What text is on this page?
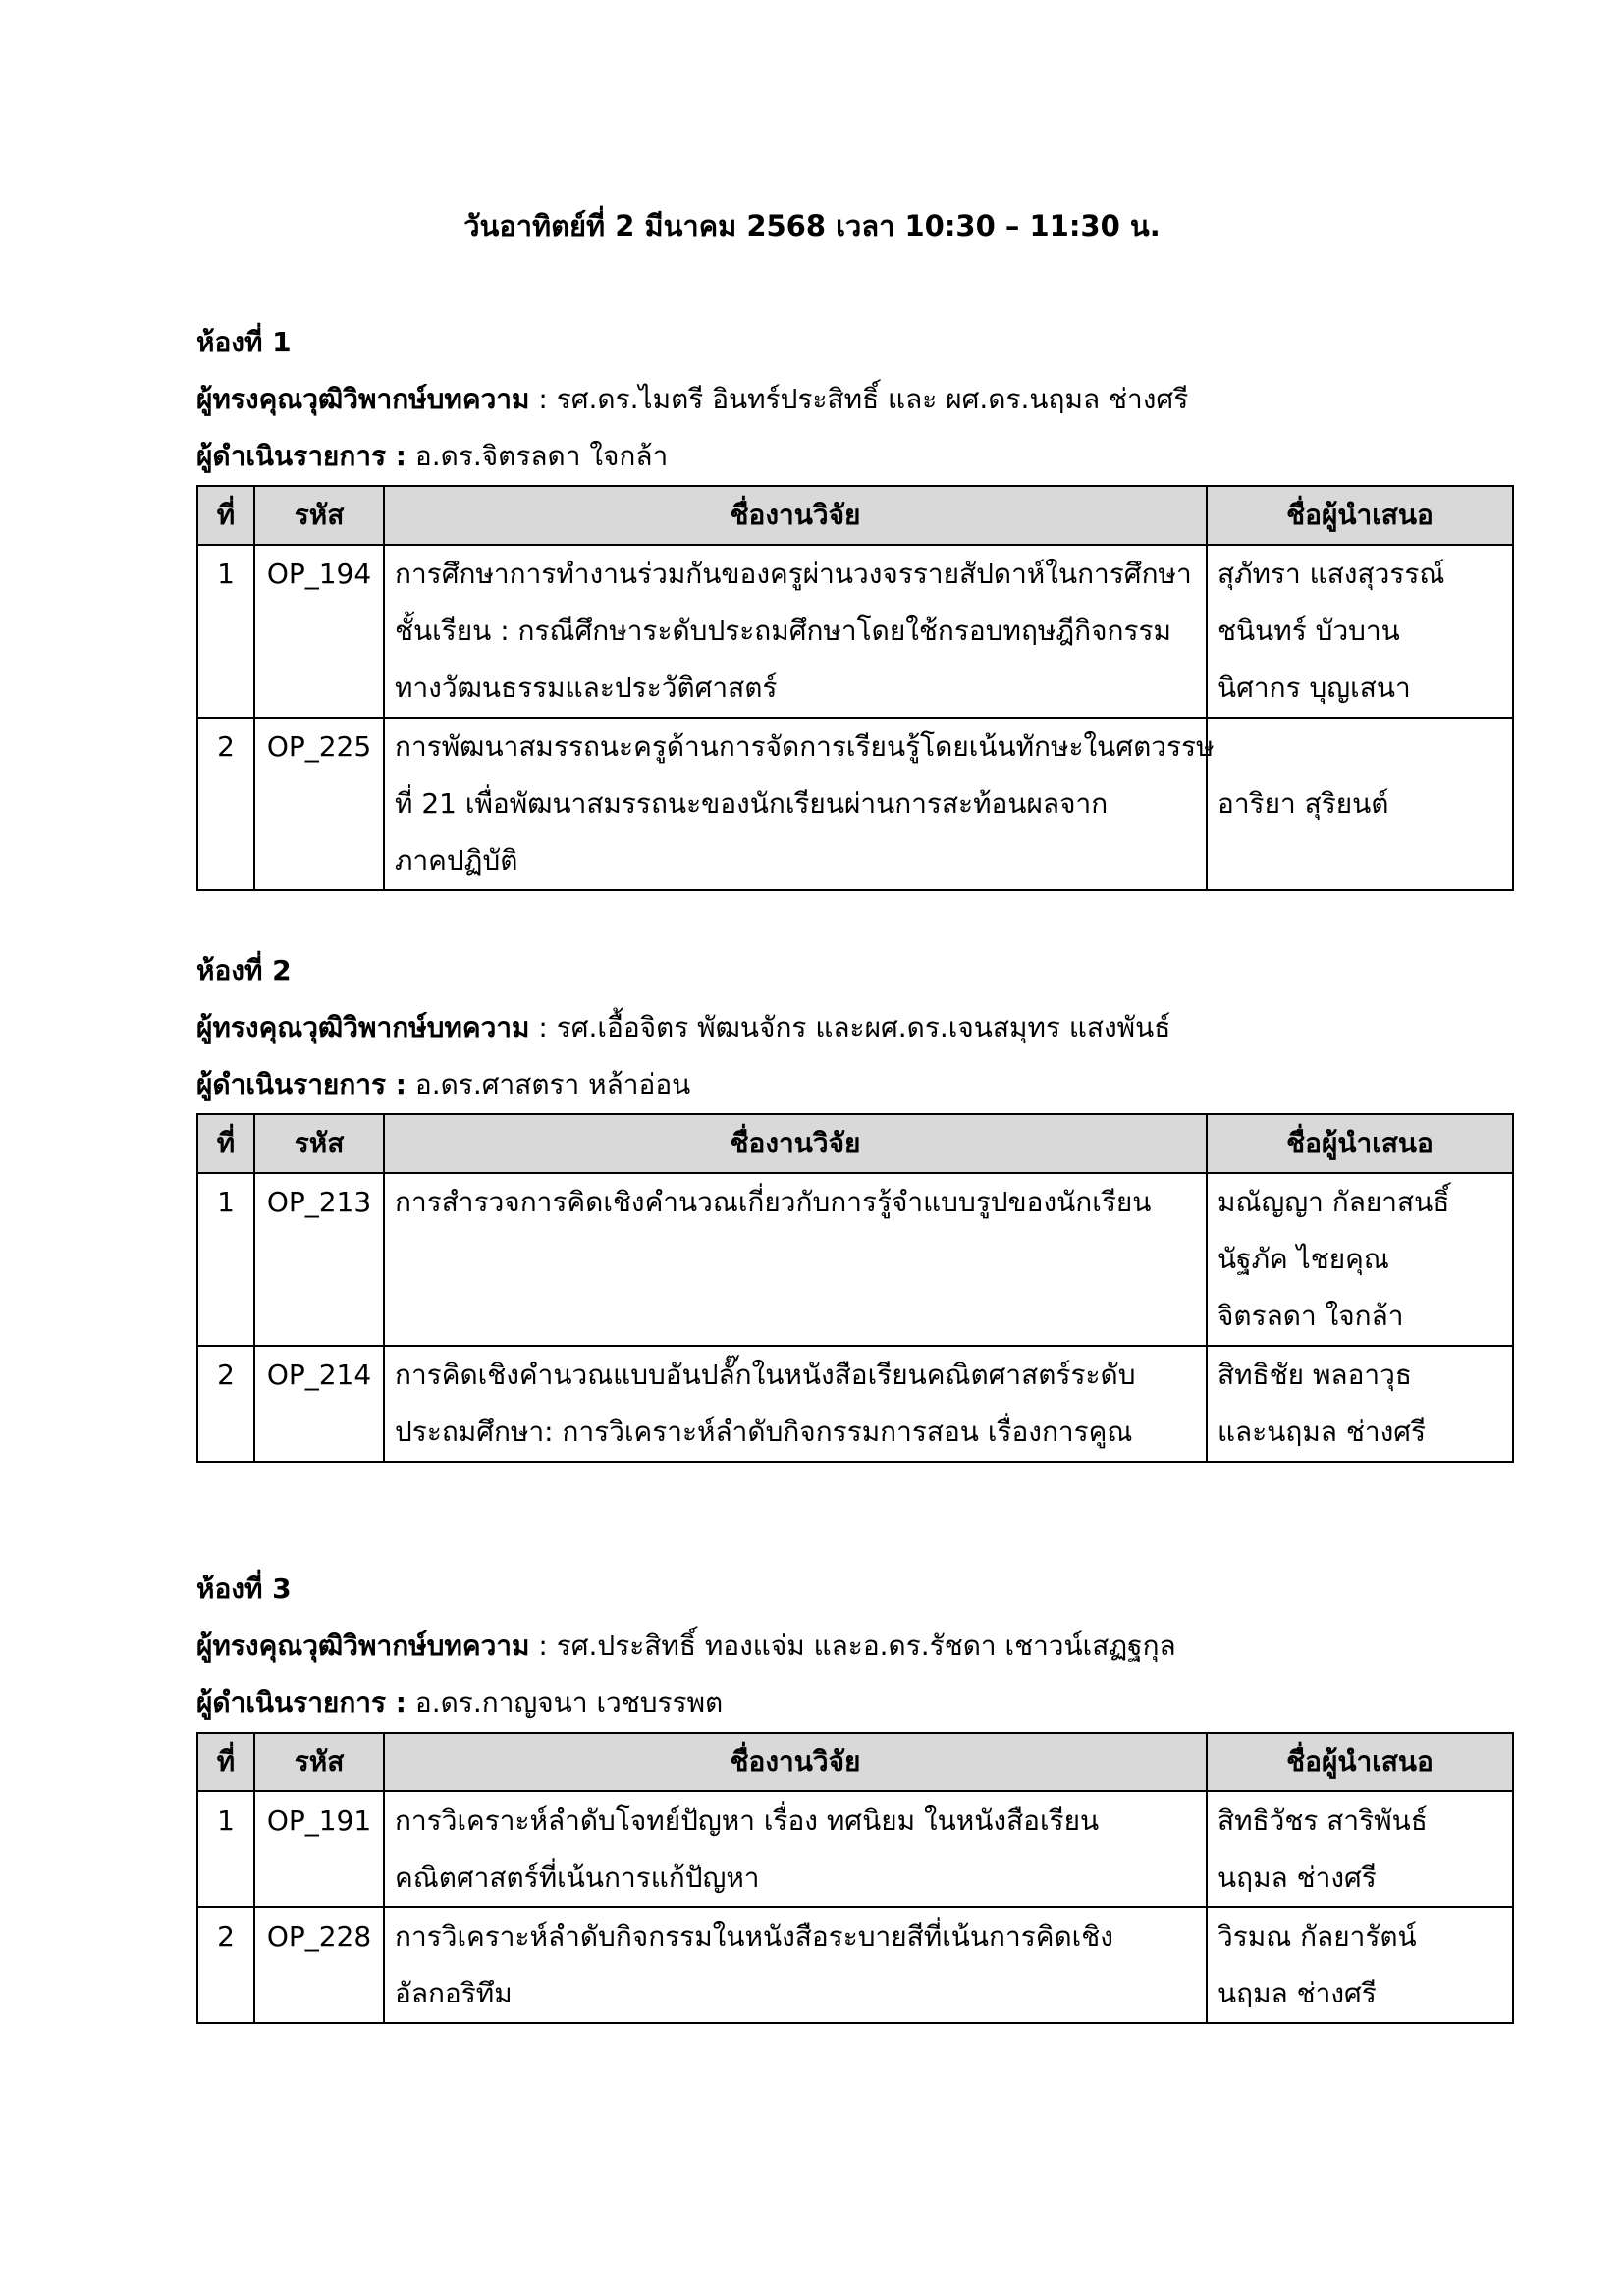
วันอาทิตย์ที่ 2 มีนาคม 2568 เวลา 10:30 – 11:30 น.
ห้องที่ 1
ผู้ทรงคุณวุฒิวิพากษ์บทความ : รศ.ดร.ไมตรี อินทร์ประสิทธิ์ และ ผศ.ดร.นฤมล ช่างศรี
ผู้ดำเนินรายการ : อ.ดร.จิตรลดา ใจกล้า
ที่	รหัส	ชื่องานวิจัย	ชื่อผู้นำเสนอ
1	OP_194	การศึกษาการทำงานร่วมกันของครูผ่านวงจรรายสัปดาห์ในการศึกษา
ชั้นเรียน : กรณีศึกษาระดับประถมศึกษาโดยใช้กรอบทฤษฎีกิจกรรม
ทางวัฒนธรรมและประวัติศาสตร์	สุภัทรา แสงสุวรรณ์
ชนินทร์ บัวบาน
นิศากร บุญเสนา

2	OP_225	การพัฒนาสมรรถนะครูด้านการจัดการเรียนรู้โดยเน้นทักษะในศตวรรษ
ที่ 21 เพื่อพัฒนาสมรรถนะของนักเรียนผ่านการสะท้อนผลจาก
ภาคปฏิบัติ	อาริยา สุริยนต์
ห้องที่ 2
ผู้ทรงคุณวุฒิวิพากษ์บทความ : รศ.เอื้อจิตร พัฒนจักร และผศ.ดร.เจนสมุทร แสงพันธ์
ผู้ดำเนินรายการ : อ.ดร.ศาสตรา หล้าอ่อน
ที่	รหัส	ชื่องานวิจัย	ชื่อผู้นำเสนอ
1	OP_213	การสำรวจการคิดเชิงคำนวณเกี่ยวกับการรู้จำแบบรูปของนักเรียน	มณัญญา กัลยาสนธิ์
นัฐภัค ไชยคุณ
จิตรลดา ใจกล้า

2	OP_214	การคิดเชิงคำนวณแบบอันปลั๊กในหนังสือเรียนคณิตศาสตร์ระดับ
ประถมศึกษา: การวิเคราะห์ลำดับกิจกรรมการสอน เรื่องการคูณ	สิทธิชัย พลอาวุธ
และนฤมล ช่างศรี
ห้องที่ 3
ผู้ทรงคุณวุฒิวิพากษ์บทความ : รศ.ประสิทธิ์ ทองแจ่ม และอ.ดร.รัชดา เชาวน์เสฏฐกุล
ผู้ดำเนินรายการ : อ.ดร.กาญจนา เวชบรรพต
ที่	รหัส	ชื่องานวิจัย	ชื่อผู้นำเสนอ
1	OP_191	การวิเคราะห์ลำดับโจทย์ปัญหา เรื่อง ทศนิยม ในหนังสือเรียน
คณิตศาสตร์ที่เน้นการแก้ปัญหา	สิทธิวัชร สาริพันธ์
นฤมล ช่างศรี

2	OP_228	การวิเคราะห์ลำดับกิจกรรมในหนังสือระบายสีที่เน้นการคิดเชิง
อัลกอริทึม	วิรมณ กัลยารัตน์
นฤมล ช่างศรี
